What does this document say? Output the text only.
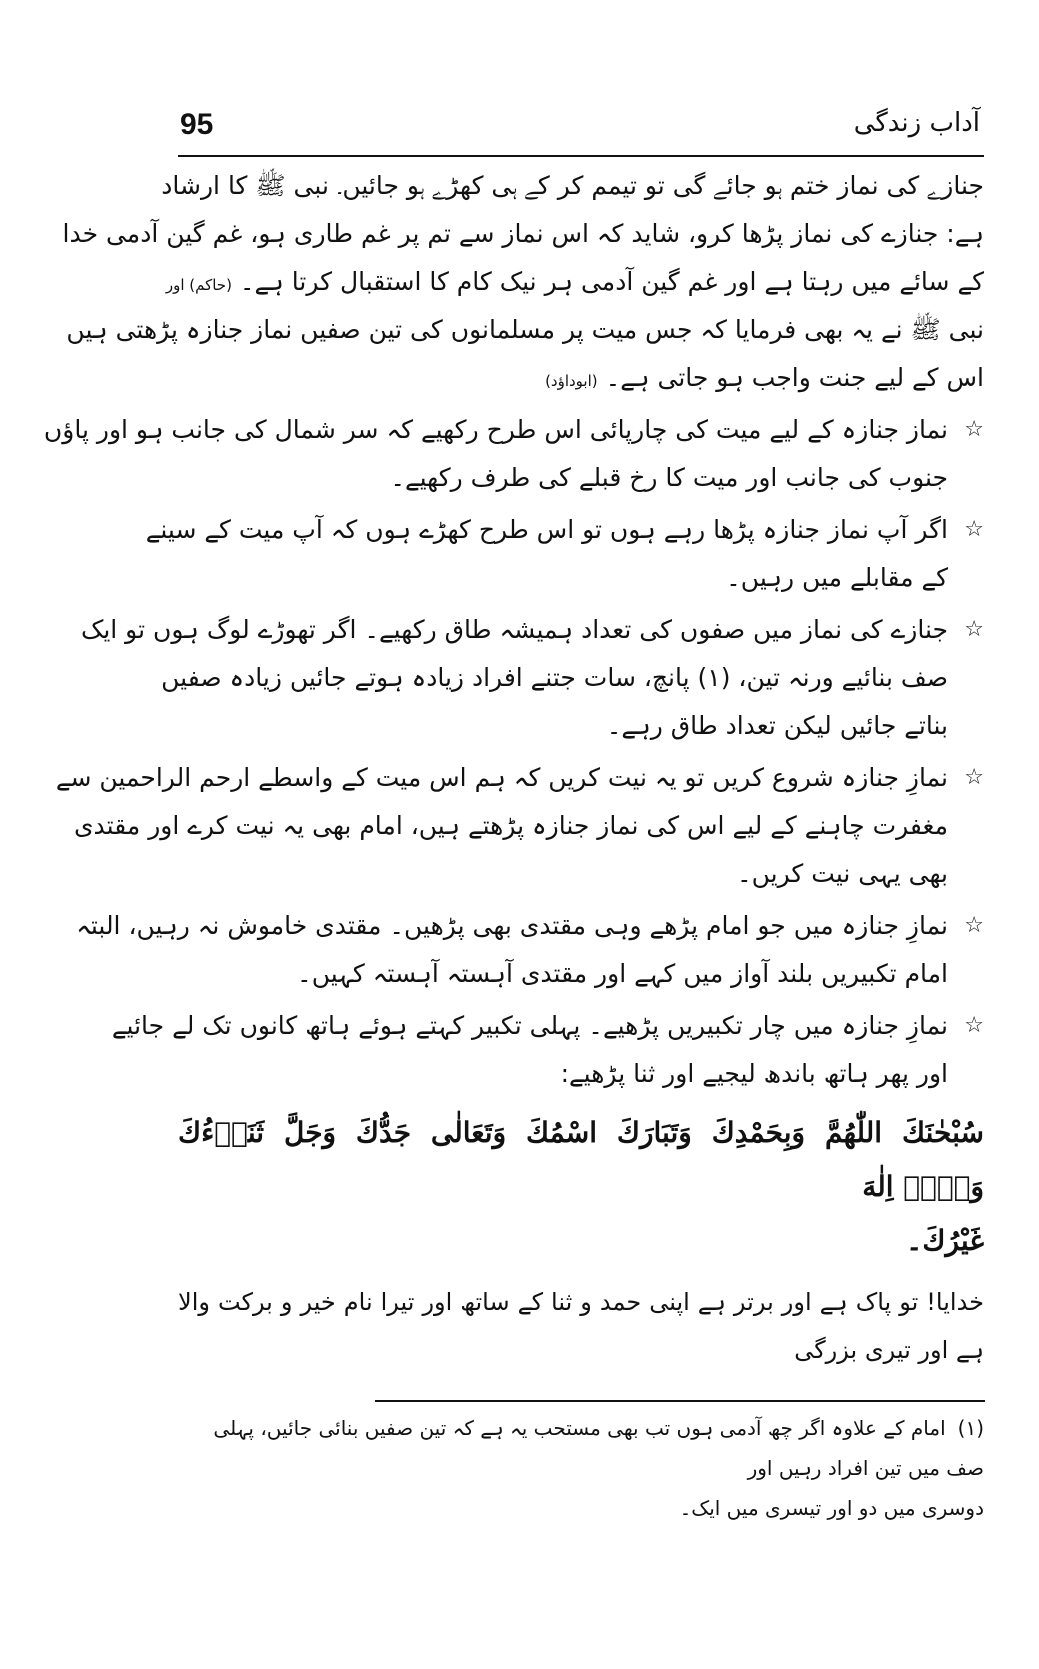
95	آداب زندگی
جنازے کی نماز ختم ہو جائے گی تو تیمم کر کے ہی کھڑے ہو جائیں۔ نبی ﷺ کا ارشاد
ہے: جنازے کی نماز پڑھا کرو، شاید کہ اس نماز سے تم پر غم طاری ہو، غم گین آدمی خدا
کے سائے میں رہتا ہے اور غم گین آدمی ہر نیک کام کا استقبال کرتا ہے۔ (حاکم) اور
نبی ﷺ نے یہ بھی فرمایا کہ جس میت پر مسلمانوں کی تین صفیں نماز جنازہ پڑھتی ہیں
اس کے لیے جنت واجب ہو جاتی ہے۔ (ابوداؤد)
☆
نماز جنازہ کے لیے میت کی چارپائی اس طرح رکھیے کہ سر شمال کی جانب ہو اور پاؤں
جنوب کی جانب اور میت کا رخ قبلے کی طرف رکھیے۔
☆
اگر آپ نماز جنازہ پڑھا رہے ہوں تو اس طرح کھڑے ہوں کہ آپ میت کے سینے
کے مقابلے میں رہیں۔
☆
جنازے کی نماز میں صفوں کی تعداد ہمیشہ طاق رکھیے۔ اگر تھوڑے لوگ ہوں تو ایک
صف بنائیے ورنہ تین، (۱) پانچ، سات جتنے افراد زیادہ ہوتے جائیں زیادہ صفیں
بناتے جائیں لیکن تعداد طاق رہے۔
☆
نمازِ جنازہ شروع کریں تو یہ نیت کریں کہ ہم اس میت کے واسطے ارحم الراحمین سے
مغفرت چاہنے کے لیے اس کی نماز جنازہ پڑھتے ہیں، امام بھی یہ نیت کرے اور مقتدی
بھی یہی نیت کریں۔
☆
نمازِ جنازہ میں جو امام پڑھے وہی مقتدی بھی پڑھیں۔ مقتدی خاموش نہ رہیں، البتہ
امام تکبیریں بلند آواز میں کہے اور مقتدی آہستہ آہستہ کہیں۔
☆
نمازِ جنازہ میں چار تکبیریں پڑھیے۔ پہلی تکبیر کہتے ہوئے ہاتھ کانوں تک لے جائیے
اور پھر ہاتھ باندھ لیجیے اور ثنا پڑھیے:
سُبْحٰنَكَ اللّٰهُمَّ وَبِحَمْدِكَ وَتَبَارَكَ اسْمُكَ وَتَعَالٰى جَدُّكَ وَجَلَّ ثَنَاۤءُكَ وَلَاۤ اِلٰهَ
غَيْرُكَ۔
خدایا! تو پاک ہے اور برتر ہے اپنی حمد و ثنا کے ساتھ اور تیرا نام خیر و برکت والا ہے اور تیری بزرگی
(۱)امام کے علاوہ اگر چھ آدمی ہوں تب بھی مستحب یہ ہے کہ تین صفیں بنائی جائیں، پہلی صف میں تین افراد رہیں اور
دوسری میں دو اور تیسری میں ایک۔
